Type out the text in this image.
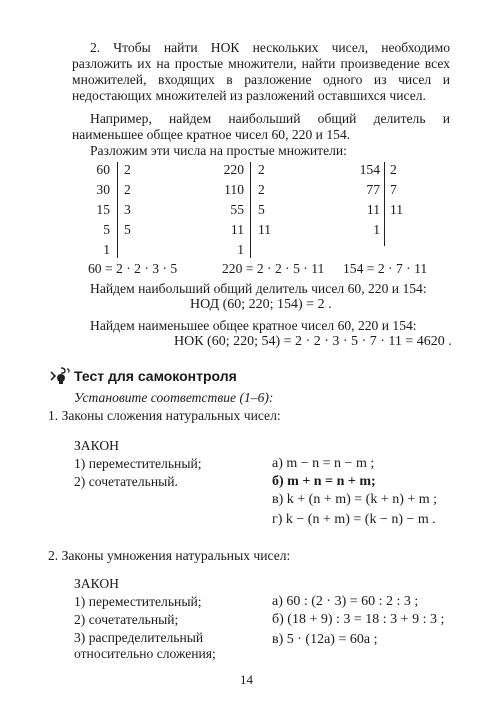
2. Чтобы найти НОК нескольких чисел, необходимо разложить их на простые множители, найти произведение всех множителей, входящих в разложение одного из чисел и недостающих множителей из разложений оставшихся чисел.
Например, найдем наибольший общий делитель и наименьшее общее кратное чисел 60, 220 и 154.
Разложим эти числа на простые множители:
60
30
15
5
1
2
2
3
5
60 = 2 · 2 · 3 · 5
220
110
55
11
1
2
2
5
11
220 = 2 · 2 · 5 · 11
154
77
11
1
2
7
11
154 = 2 · 7 · 11
Найдем наибольший общий делитель чисел 60, 220 и 154:
НОД (60; 220; 154) = 2 .
Найдем наименьшее общее кратное чисел 60, 220 и 154:
НОК (60; 220; 54) = 2 · 2 · 3 · 5 · 7 · 11 = 4620 .
Тест для самоконтроля
Установите соответствие (1–6):
1. Законы сложения натуральных чисел:
ЗАКОН
1) переместительный;
2) сочетательный.
а) m − n = n − m ;
б) m + n = n + m;
в) k + (n + m) = (k + n) + m ;
г) k − (n + m) = (k − n) − m .
2. Законы умножения натуральных чисел:
ЗАКОН
1) переместительный;
2) сочетательный;
3) распределительный
относительно сложения;
а) 60 : (2 · 3) = 60 : 2 : 3 ;
б) (18 + 9) : 3 = 18 : 3 + 9 : 3 ;
в) 5 · (12a) = 60a ;
14
